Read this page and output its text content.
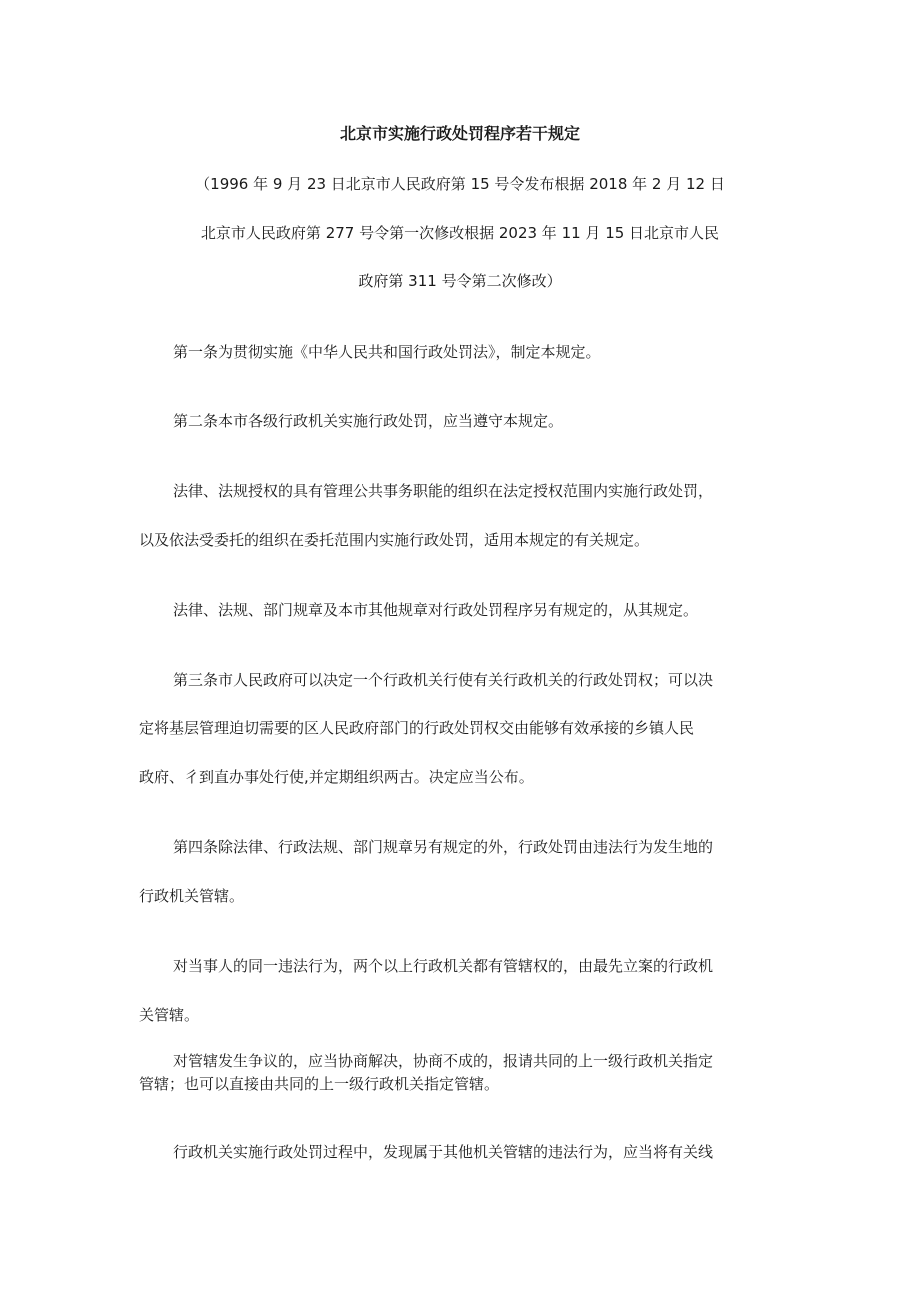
北京市实施行政处罚程序若干规定
（1996 年 9 月 23 日北京市人民政府第 15 号令发布根据 2018 年 2 月 12 日
北京市人民政府第 277 号令第一次修改根据 2023 年 11 月 15 日北京市人民
政府第 311 号令第二次修改）
第一条为贯彻实施《中华人民共和国行政处罚法》，制定本规定。
第二条本市各级行政机关实施行政处罚，应当遵守本规定。
法律、法规授权的具有管理公共事务职能的组织在法定授权范围内实施行政处罚，
以及依法受委托的组织在委托范围内实施行政处罚，适用本规定的有关规定。
法律、法规、部门规章及本市其他规章对行政处罚程序另有规定的，从其规定。
第三条市人民政府可以决定一个行政机关行使有关行政机关的行政处罚权；可以决
定将基层管理迫切需要的区人民政府部门的行政处罚权交由能够有效承接的乡镇人民
政府、彳到直办事处行使,并定期组织两古。决定应当公布。
第四条除法律、行政法规、部门规章另有规定的外，行政处罚由违法行为发生地的
行政机关管辖。
对当事人的同一违法行为，两个以上行政机关都有管辖权的，由最先立案的行政机
关管辖。
对管辖发生争议的，应当协商解决，协商不成的，报请共同的上一级行政机关指定
管辖；也可以直接由共同的上一级行政机关指定管辖。
行政机关实施行政处罚过程中，发现属于其他机关管辖的违法行为，应当将有关线
